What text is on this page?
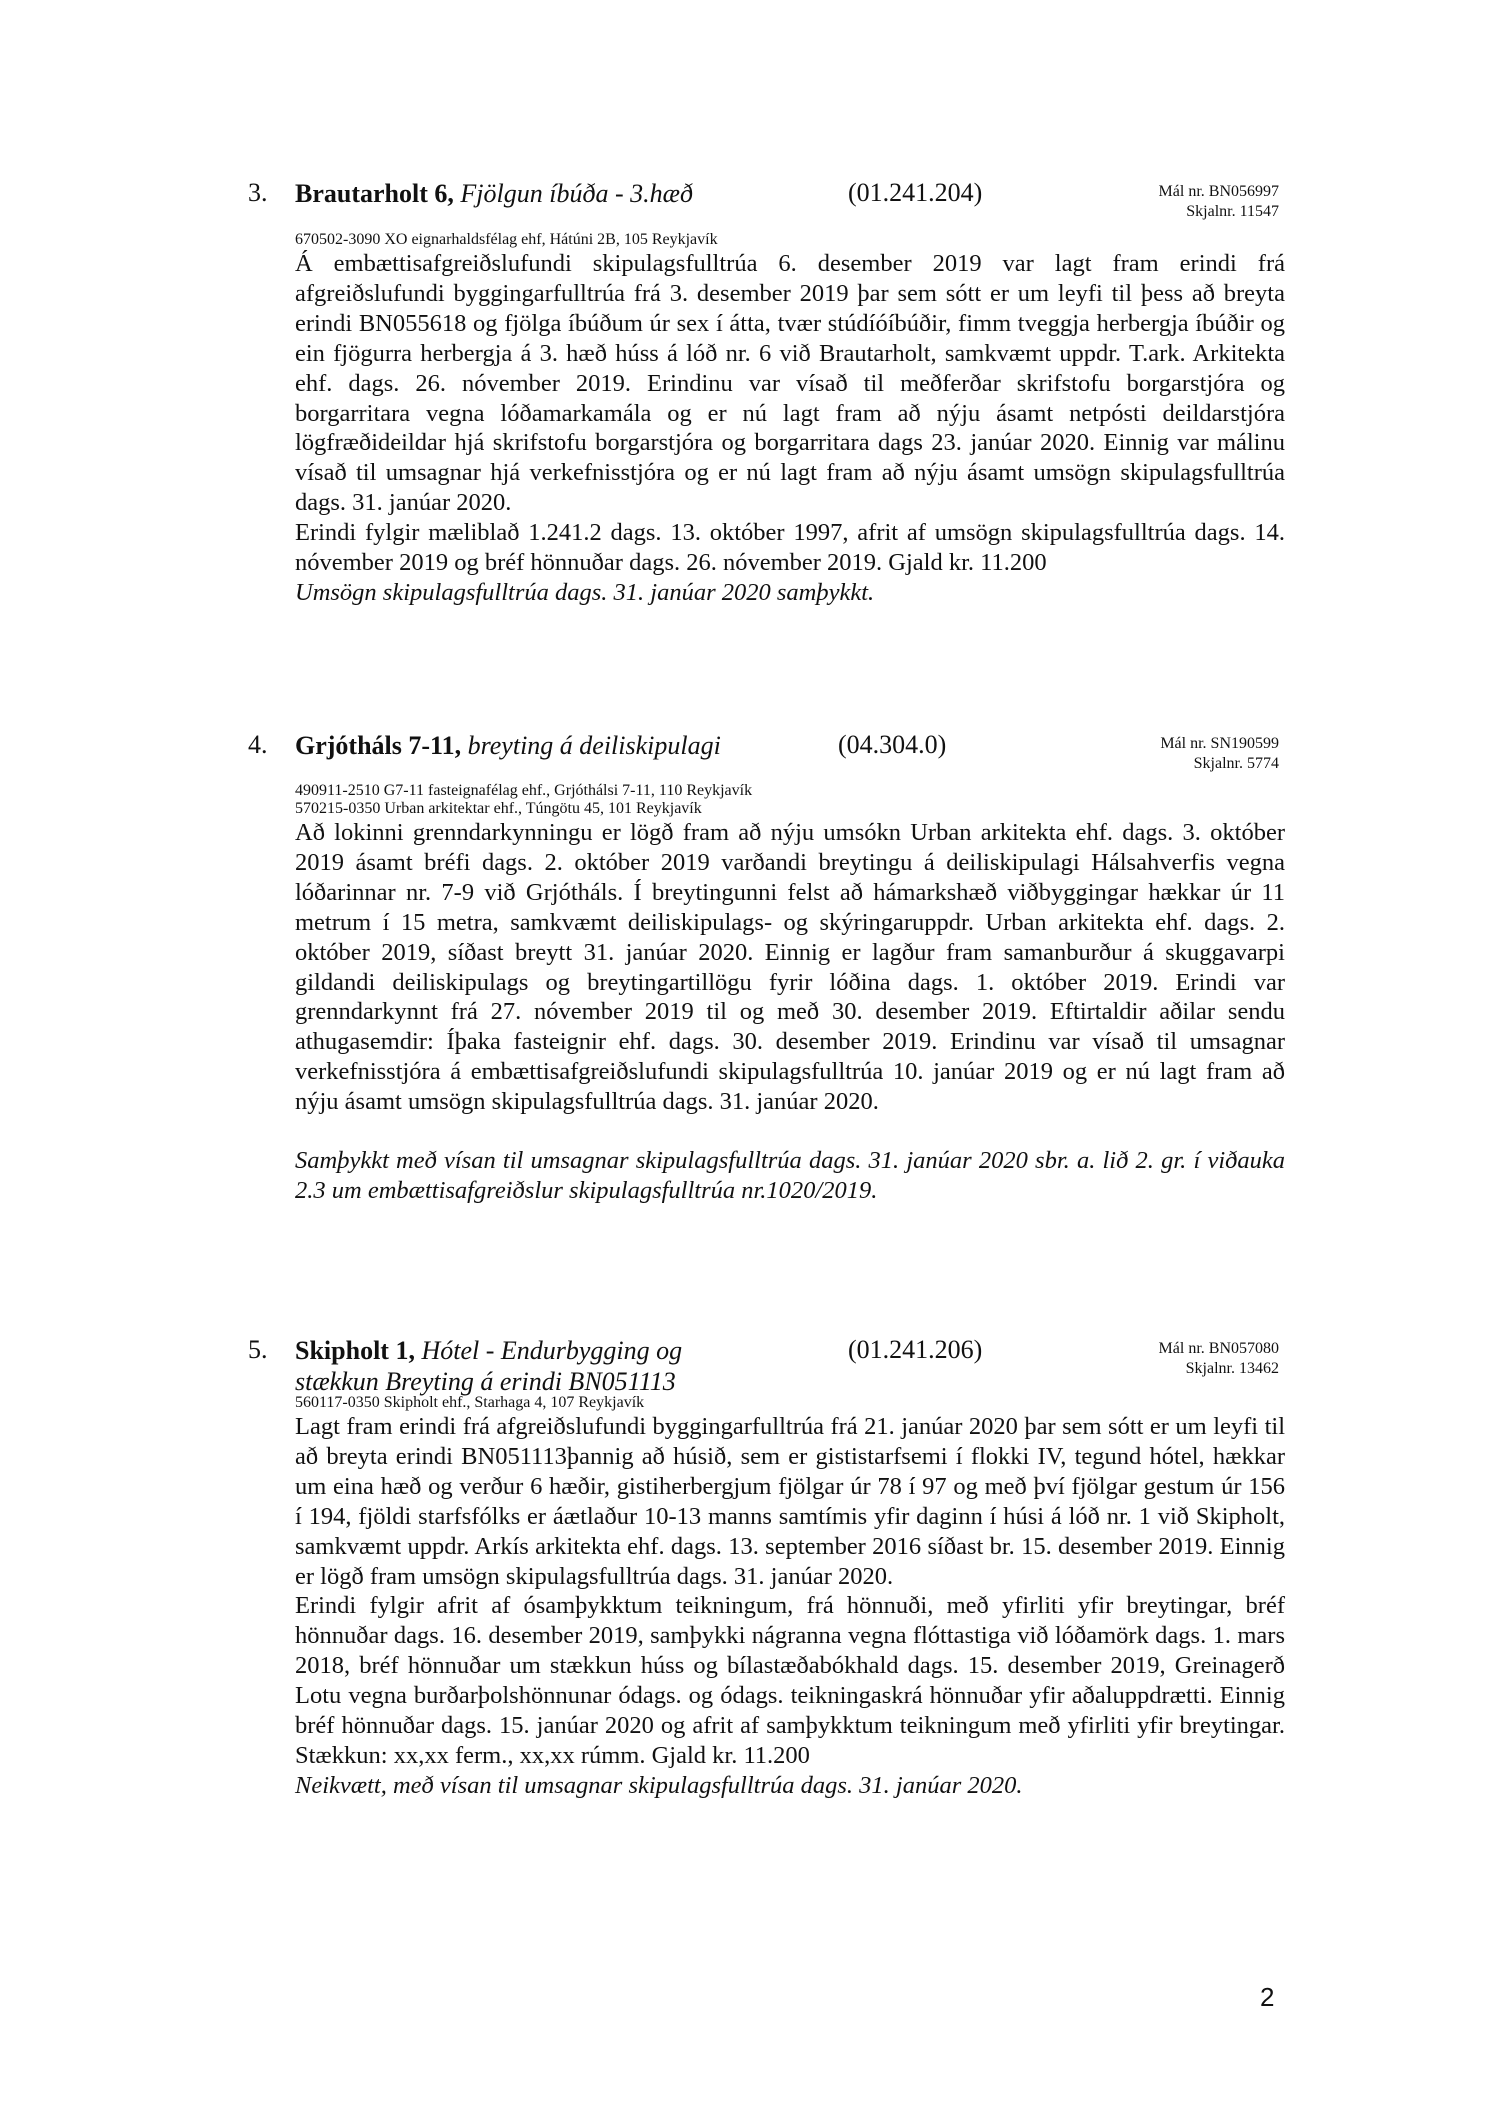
3. Brautarholt 6, Fjölgun íbúða - 3.hæð	(01.241.204)	Mál nr. BN056997
Skjalnr. 11547
670502-3090 XO eignarhaldsfélag ehf, Hátúni 2B, 105 Reykjavík

Á embættisafgreiðslufundi skipulagsfulltrúa 6. desember 2019 var lagt fram erindi frá afgreiðslufundi byggingarfulltrúa frá 3. desember 2019 þar sem sótt er um leyfi til þess að breyta erindi BN055618 og fjölga íbúðum úr sex í átta, tvær stúdíóíbúðir, fimm tveggja herbergja íbúðir og ein fjögurra herbergja á 3. hæð húss á lóð nr. 6 við Brautarholt, samkvæmt uppdr. T.ark. Arkitekta ehf. dags. 26. nóvember 2019. Erindinu var vísað til meðferðar skrifstofu borgarstjóra og borgarritara vegna lóðamarkamála og er nú lagt fram að nýju ásamt netpósti deildarstjóra lögfræðideildar hjá skrifstofu borgarstjóra og borgarritara dags 23. janúar 2020. Einnig var málinu vísað til umsagnar hjá verkefnisstjóra og er nú lagt fram að nýju ásamt umsögn skipulagsfulltrúa dags. 31. janúar 2020.

Erindi fylgir mæliblað 1.241.2 dags. 13. október 1997, afrit af umsögn skipulagsfulltrúa dags. 14. nóvember 2019 og bréf hönnuðar dags. 26. nóvember 2019. Gjald kr. 11.200

Umsögn skipulagsfulltrúa dags. 31. janúar 2020 samþykkt.

4. Grjótháls 7-11, breyting á deiliskipulagi	(04.304.0)	Mál nr. SN190599
Skjalnr. 5774
490911-2510 G7-11 fasteignafélag ehf., Grjóthálsi 7-11, 110 Reykjavík
570215-0350 Urban arkitektar ehf., Túngötu 45, 101 Reykjavík

Að lokinni grenndarkynningu er lögð fram að nýju umsókn Urban arkitekta ehf. dags. 3. október 2019 ásamt bréfi dags. 2. október 2019 varðandi breytingu á deiliskipulagi Hálsahverfis vegna lóðarinnar nr. 7-9 við Grjótháls. Í breytingunni felst að hámarkshæð viðbyggingar hækkar úr 11 metrum í 15 metra, samkvæmt deiliskipulags- og skýringaruppdr. Urban arkitekta ehf. dags. 2. október 2019, síðast breytt 31. janúar 2020. Einnig er lagður fram samanburður á skuggavarpi gildandi deiliskipulags og breytingartillögu fyrir lóðina dags. 1. október 2019. Erindi var grenndarkynnt frá 27. nóvember 2019 til og með 30. desember 2019. Eftirtaldir aðilar sendu athugasemdir: Íþaka fasteignir ehf. dags. 30. desember 2019. Erindinu var vísað til umsagnar verkefnisstjóra á embættisafgreiðslufundi skipulagsfulltrúa 10. janúar 2019 og er nú lagt fram að nýju ásamt umsögn skipulagsfulltrúa dags. 31. janúar 2020.

Samþykkt með vísan til umsagnar skipulagsfulltrúa dags. 31. janúar 2020 sbr. a. lið 2. gr. í viðauka 2.3 um embættisafgreiðslur skipulagsfulltrúa nr.1020/2019.

5. Skipholt 1, Hótel - Endurbygging og stækkun Breyting á erindi BN051113
(01.241.206)	Mál nr. BN057080
Skjalnr. 13462
560117-0350 Skipholt ehf., Starhaga 4, 107 Reykjavík

Lagt fram erindi frá afgreiðslufundi byggingarfulltrúa frá 21. janúar 2020 þar sem sótt er um leyfi til að breyta erindi BN051113þannig að húsið, sem er gististarfsemi í flokki IV, tegund hótel, hækkar um eina hæð og verður 6 hæðir, gistiherbergjum fjölgar úr 78 í 97 og með því fjölgar gestum úr 156 í 194, fjöldi starfsfólks er áætlaður 10-13 manns samtímis yfir daginn í húsi á lóð nr. 1 við Skipholt, samkvæmt uppdr. Arkís arkitekta ehf. dags. 13. september 2016 síðast br. 15. desember 2019. Einnig er lögð fram umsögn skipulagsfulltrúa dags. 31. janúar 2020.

Erindi fylgir afrit af ósamþykktum teikningum, frá hönnuði, með yfirliti yfir breytingar, bréf hönnuðar dags. 16. desember 2019, samþykki nágranna vegna flóttastiga við lóðamörk dags. 1. mars 2018, bréf hönnuðar um stækkun húss og bílastæðabókhald dags. 15. desember 2019, Greinagerð Lotu vegna burðarþolshönnunar ódags. og ódags. teikningaskrá hönnuðar yfir aðaluppdrætti. Einnig bréf hönnuðar dags. 15. janúar 2020 og afrit af samþykktum teikningum með yfirliti yfir breytingar. Stækkun: xx,xx ferm., xx,xx rúmm. Gjald kr. 11.200

Neikvætt, með vísan til umsagnar skipulagsfulltrúa dags. 31. janúar 2020.

2
